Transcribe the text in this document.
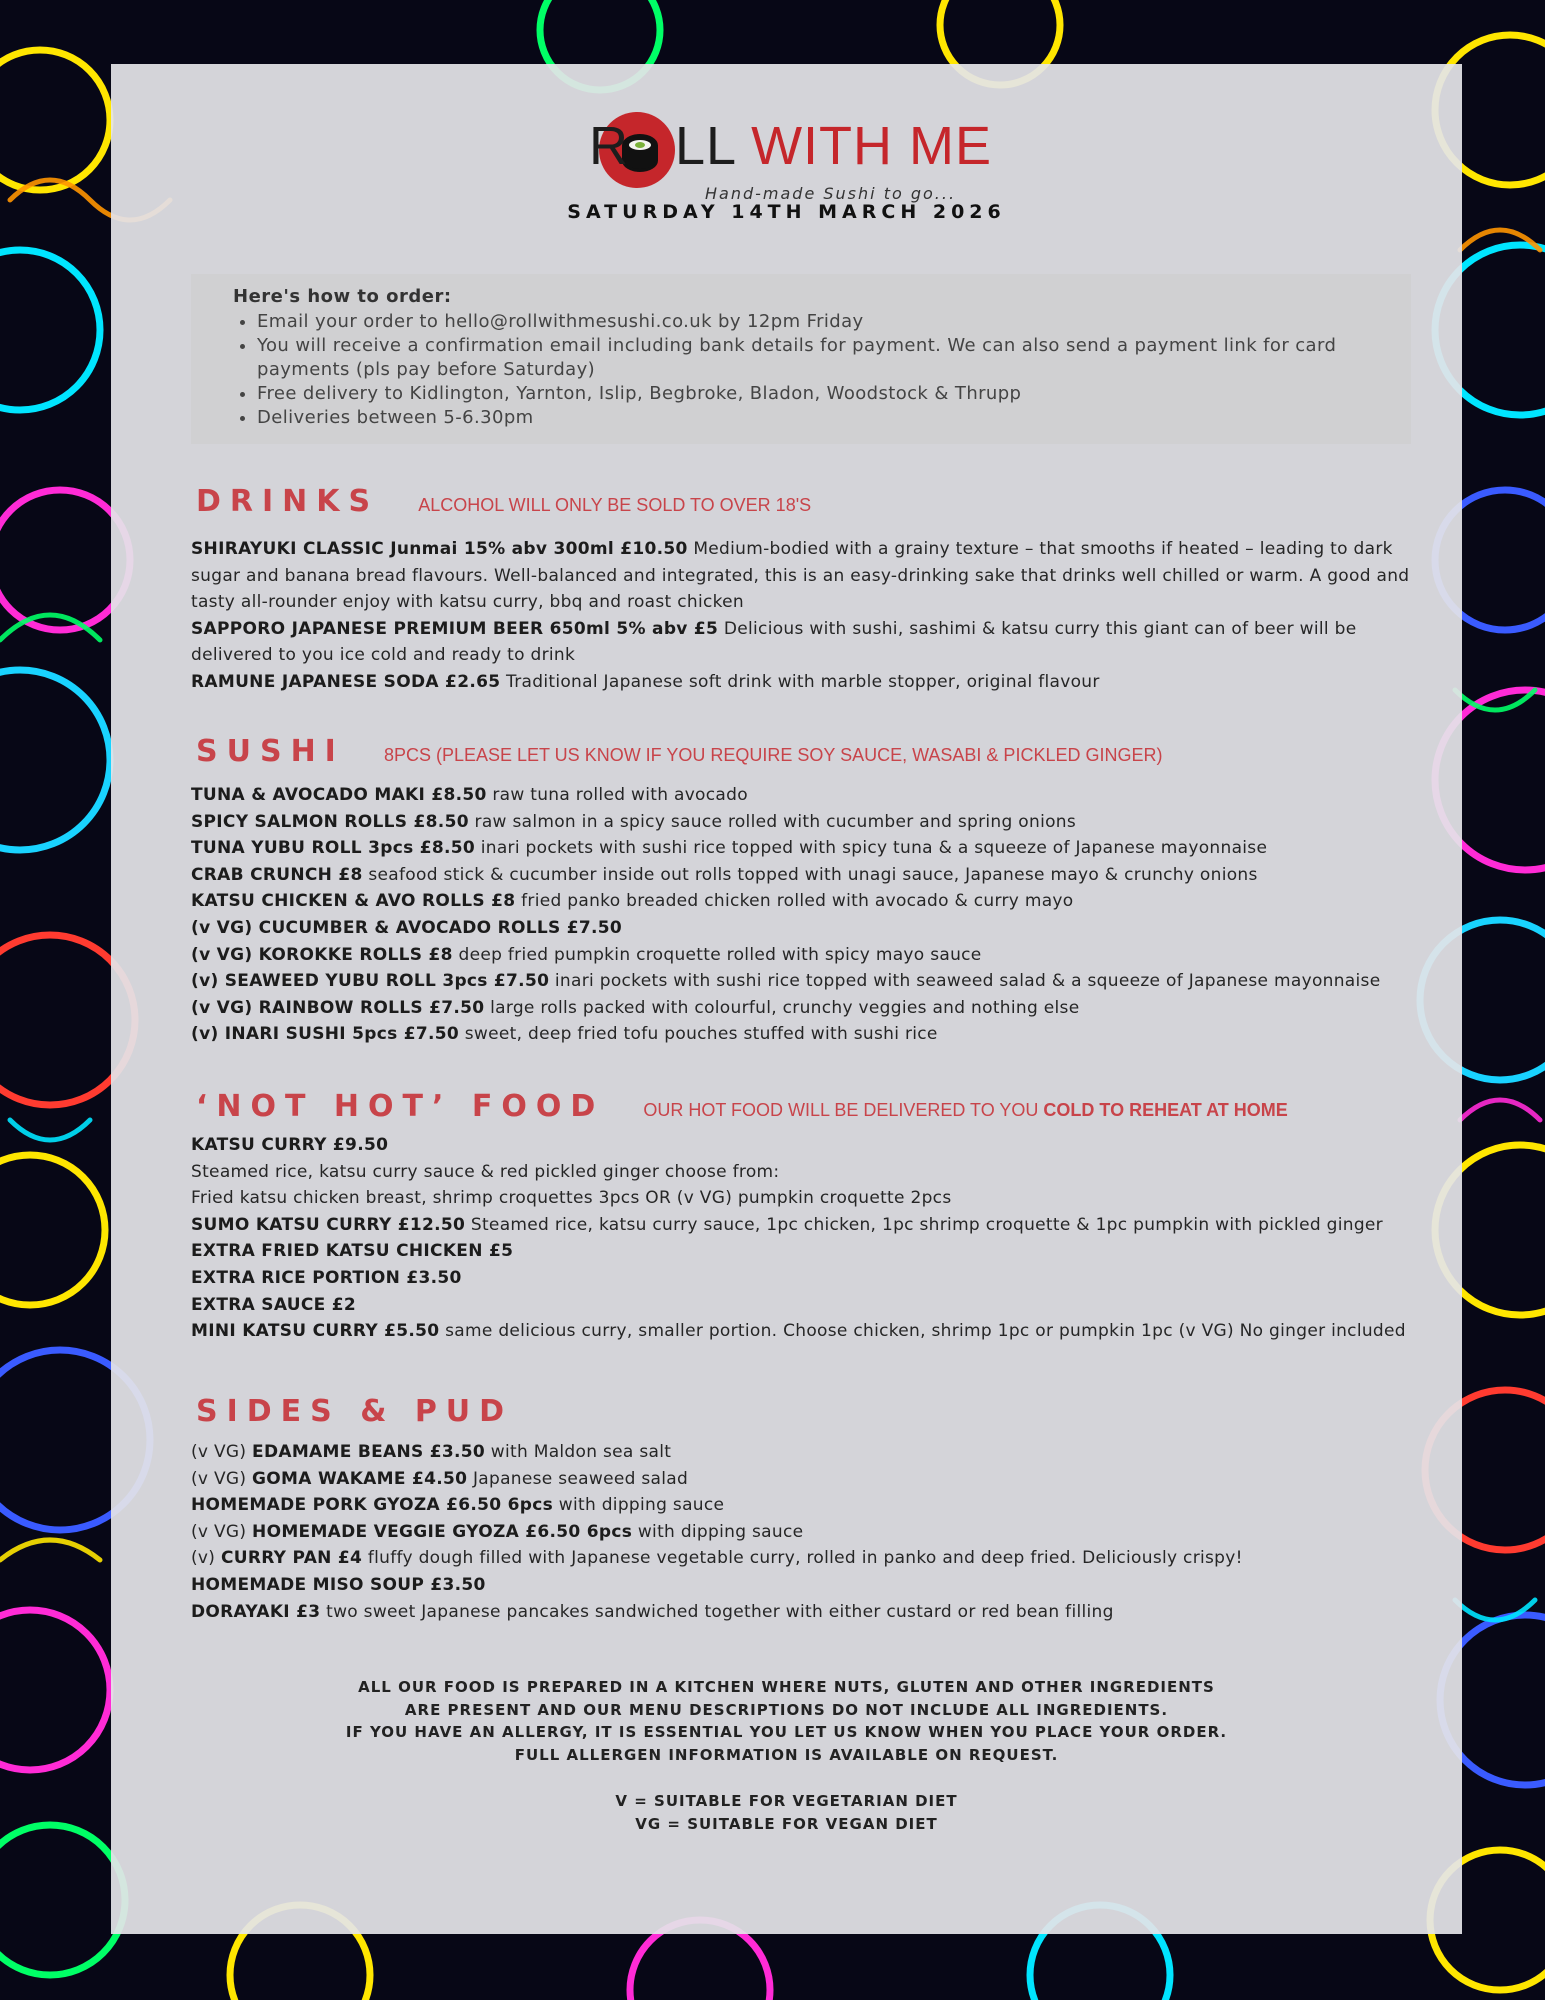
R LL WITH ME
Hand-made Sushi to go...
SATURDAY 14TH MARCH 2026
Here's how to order:
• Email your order to hello@rollwithmesushi.co.uk by 12pm Friday
• You will receive a confirmation email including bank details for payment. We can also send a payment link for card payments (pls pay before Saturday)
• Free delivery to Kidlington, Yarnton, Islip, Begbroke, Bladon, Woodstock & Thrupp
• Deliveries between 5-6.30pm
DRINKS ALCOHOL WILL ONLY BE SOLD TO OVER 18'S

SHIRAYUKI CLASSIC Junmai 15% abv 300ml £10.50 Medium-bodied with a grainy texture – that smooths if heated – leading to dark sugar and banana bread flavours. Well-balanced and integrated, this is an easy-drinking sake that drinks well chilled or warm. A good and tasty all-rounder enjoy with katsu curry, bbq and roast chicken

SAPPORO JAPANESE PREMIUM BEER 650ml 5% abv £5 Delicious with sushi, sashimi & katsu curry this giant can of beer will be delivered to you ice cold and ready to drink

RAMUNE JAPANESE SODA £2.65 Traditional Japanese soft drink with marble stopper, original flavour

SUSHI 8PCS (PLEASE LET US KNOW IF YOU REQUIRE SOY SAUCE, WASABI & PICKLED GINGER)

TUNA & AVOCADO MAKI £8.50 raw tuna rolled with avocado

SPICY SALMON ROLLS £8.50 raw salmon in a spicy sauce rolled with cucumber and spring onions

TUNA YUBU ROLL 3pcs £8.50 inari pockets with sushi rice topped with spicy tuna & a squeeze of Japanese mayonnaise

CRAB CRUNCH £8 seafood stick & cucumber inside out rolls topped with unagi sauce, Japanese mayo & crunchy onions

KATSU CHICKEN & AVO ROLLS £8 fried panko breaded chicken rolled with avocado & curry mayo

(v VG) CUCUMBER & AVOCADO ROLLS £7.50

(v VG) KOROKKE ROLLS £8 deep fried pumpkin croquette rolled with spicy mayo sauce

(v) SEAWEED YUBU ROLL 3pcs £7.50 inari pockets with sushi rice topped with seaweed salad & a squeeze of Japanese mayonnaise

(v VG) RAINBOW ROLLS £7.50 large rolls packed with colourful, crunchy veggies and nothing else

(v) INARI SUSHI 5pcs £7.50 sweet, deep fried tofu pouches stuffed with sushi rice

‘NOT HOT’ FOOD OUR HOT FOOD WILL BE DELIVERED TO YOU COLD TO REHEAT AT HOME

KATSU CURRY £9.50

Steamed rice, katsu curry sauce & red pickled ginger choose from:

Fried katsu chicken breast, shrimp croquettes 3pcs OR (v VG) pumpkin croquette 2pcs

SUMO KATSU CURRY £12.50 Steamed rice, katsu curry sauce, 1pc chicken, 1pc shrimp croquette & 1pc pumpkin with pickled ginger

EXTRA FRIED KATSU CHICKEN £5

EXTRA RICE PORTION £3.50

EXTRA SAUCE £2

MINI KATSU CURRY £5.50 same delicious curry, smaller portion. Choose chicken, shrimp 1pc or pumpkin 1pc (v VG) No ginger included

SIDES & PUD

(v VG) EDAMAME BEANS £3.50 with Maldon sea salt

(v VG) GOMA WAKAME £4.50 Japanese seaweed salad

HOMEMADE PORK GYOZA £6.50 6pcs with dipping sauce

(v VG) HOMEMADE VEGGIE GYOZA £6.50 6pcs with dipping sauce

(v) CURRY PAN £4 fluffy dough filled with Japanese vegetable curry, rolled in panko and deep fried. Deliciously crispy!

HOMEMADE MISO SOUP £3.50

DORAYAKI £3 two sweet Japanese pancakes sandwiched together with either custard or red bean filling

ALL OUR FOOD IS PREPARED IN A KITCHEN WHERE NUTS, GLUTEN AND OTHER INGREDIENTS

ARE PRESENT AND OUR MENU DESCRIPTIONS DO NOT INCLUDE ALL INGREDIENTS.

IF YOU HAVE AN ALLERGY, IT IS ESSENTIAL YOU LET US KNOW WHEN YOU PLACE YOUR ORDER.

FULL ALLERGEN INFORMATION IS AVAILABLE ON REQUEST.

V = SUITABLE FOR VEGETARIAN DIET

VG = SUITABLE FOR VEGAN DIET
